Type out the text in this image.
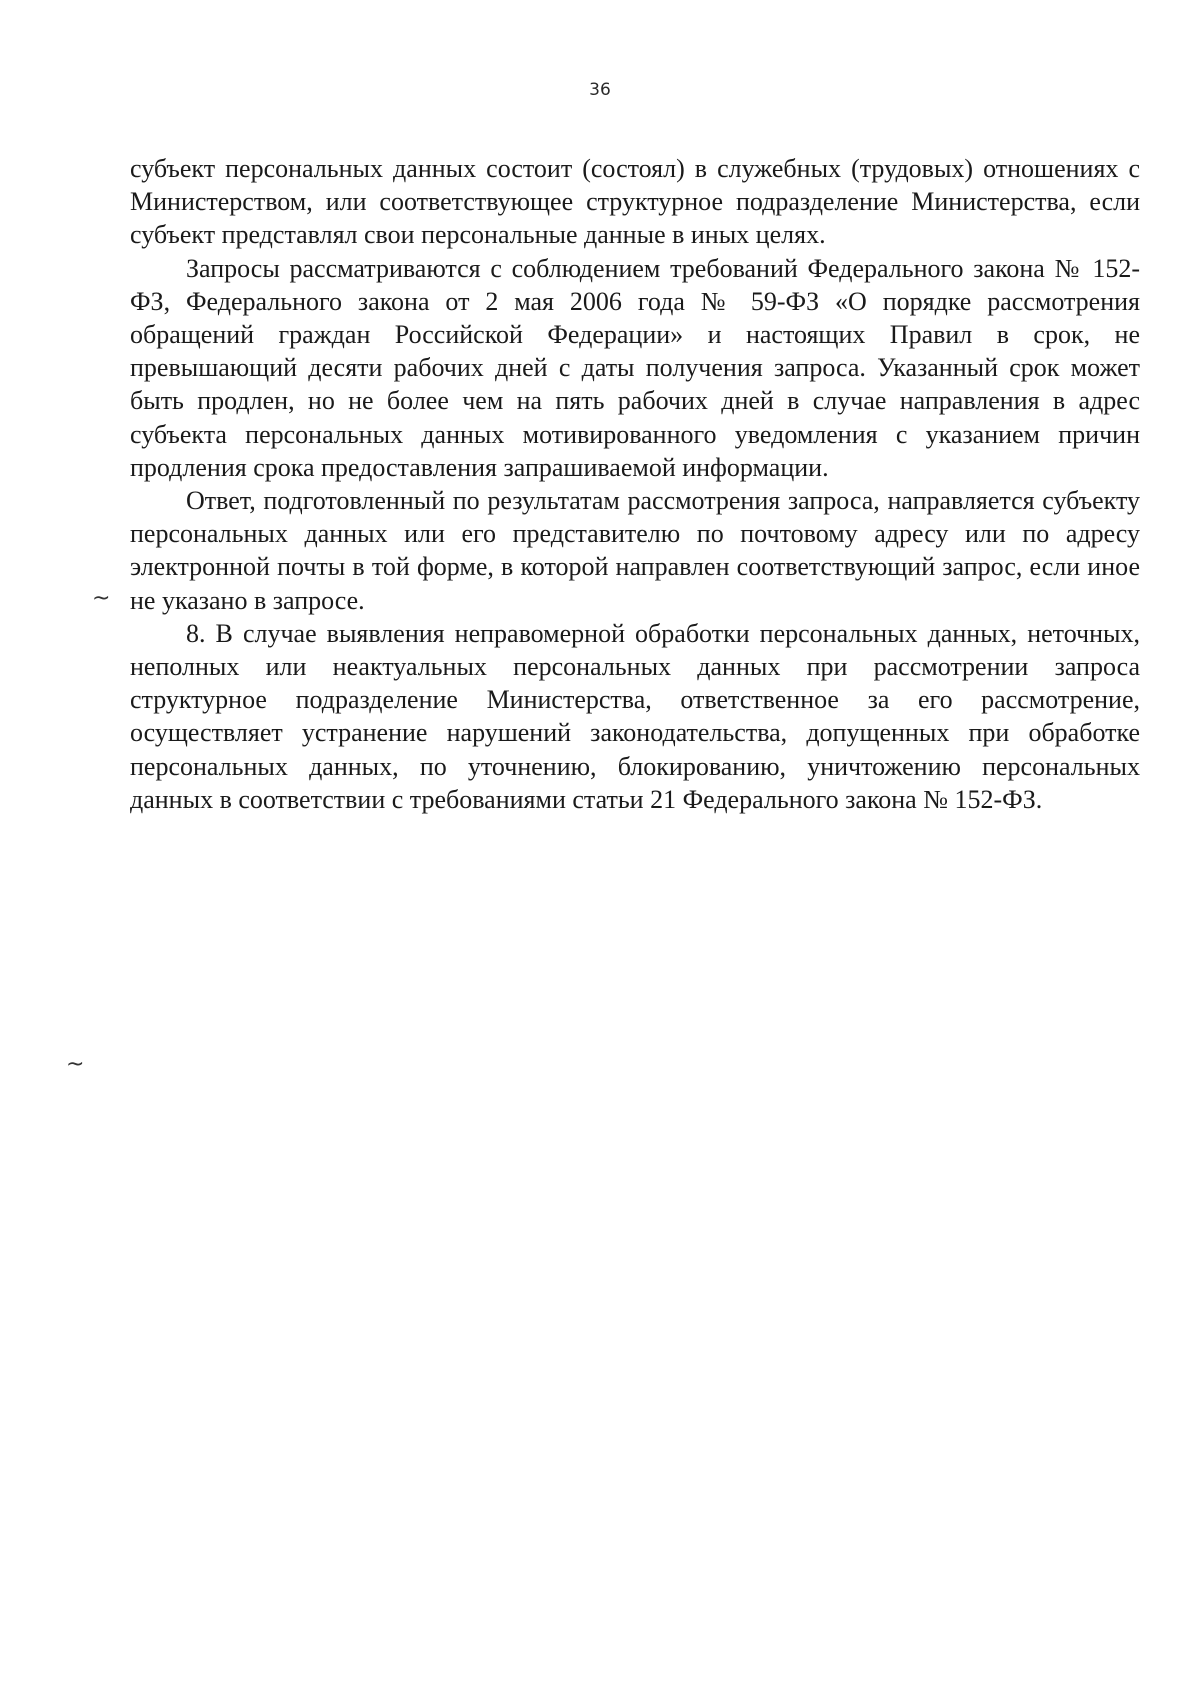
36

субъект персональных данных состоит (состоял) в служебных (трудовых) отношениях с Министерством, или соответствующее структурное подразделение Министерства, если субъект представлял свои персональные данные в иных целях.

Запросы рассматриваются с соблюдением требований Федерального закона № 152-ФЗ, Федерального закона от 2 мая 2006 года № 59-ФЗ «О порядке рассмотрения обращений граждан Российской Федерации» и настоящих Правил в срок, не превышающий десяти рабочих дней с даты получения запроса. Указанный срок может быть продлен, но не более чем на пять рабочих дней в случае направления в адрес субъекта персональных данных мотивированного уведомления с указанием причин продления срока предоставления запрашиваемой информации.

Ответ, подготовленный по результатам рассмотрения запроса, направляется субъекту персональных данных или его представителю по почтовому адресу или по адресу электронной почты в той форме, в которой направлен соответствующий запрос, если иное не указано в запросе.

8. В случае выявления неправомерной обработки персональных данных, неточных, неполных или неактуальных персональных данных при рассмотрении запроса структурное подразделение Министерства, ответственное за его рассмотрение, осуществляет устранение нарушений законодательства, допущенных при обработке персональных данных, по уточнению, блокированию, уничтожению персональных данных в соответствии с требованиями статьи 21 Федерального закона № 152-ФЗ.

~
~
